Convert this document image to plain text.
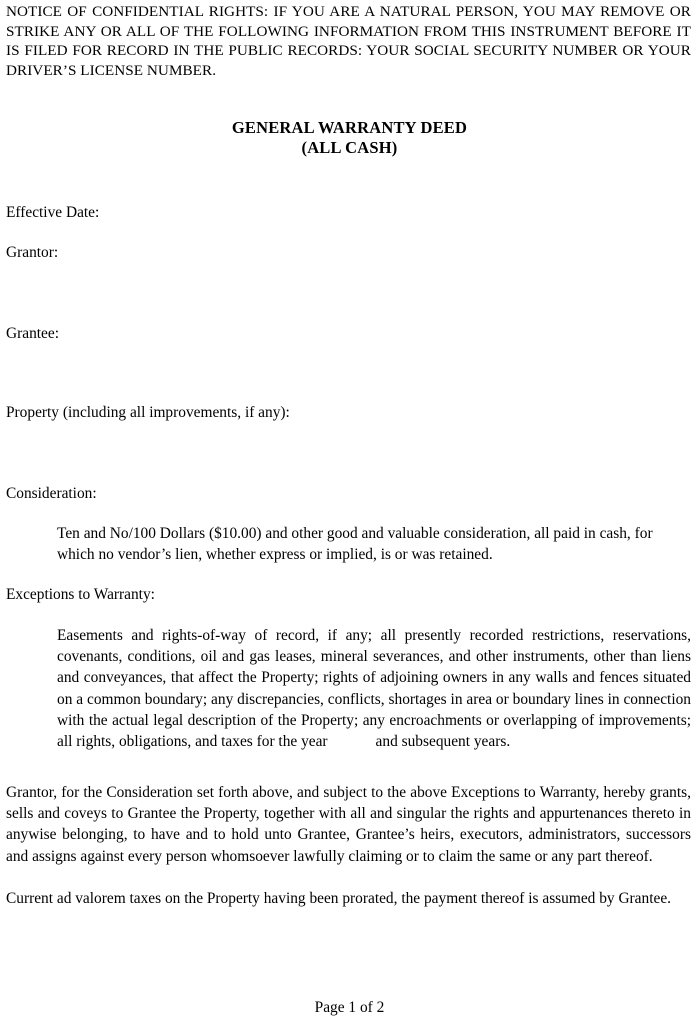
NOTICE OF CONFIDENTIAL RIGHTS: IF YOU ARE A NATURAL PERSON, YOU MAY REMOVE OR STRIKE ANY OR ALL OF THE FOLLOWING INFORMATION FROM THIS INSTRUMENT BEFORE IT IS FILED FOR RECORD IN THE PUBLIC RECORDS: YOUR SOCIAL SECURITY NUMBER OR YOUR DRIVER’S LICENSE NUMBER.
GENERAL WARRANTY DEED
(ALL CASH)
Effective Date:
Grantor:
Grantee:
Property (including all improvements, if any):
Consideration:
Ten and No/100 Dollars ($10.00) and other good and valuable consideration, all paid in cash, for which no vendor’s lien, whether express or implied, is or was retained.
Exceptions to Warranty:
Easements and rights-of-way of record, if any; all presently recorded restrictions, reservations, covenants, conditions, oil and gas leases, mineral severances, and other instruments, other than liens and conveyances, that affect the Property; rights of adjoining owners in any walls and fences situated on a common boundary; any discrepancies, conflicts, shortages in area or boundary lines in connection with the actual legal description of the Property; any encroachments or overlapping of improvements; all rights, obligations, and taxes for the year	and subsequent years.
Grantor, for the Consideration set forth above, and subject to the above Exceptions to Warranty, hereby grants, sells and coveys to Grantee the Property, together with all and singular the rights and appurtenances thereto in anywise belonging, to have and to hold unto Grantee, Grantee’s heirs, executors, administrators, successors and assigns against every person whomsoever lawfully claiming or to claim the same or any part thereof.
Current ad valorem taxes on the Property having been prorated, the payment thereof is assumed by Grantee.
Page 1 of 2
